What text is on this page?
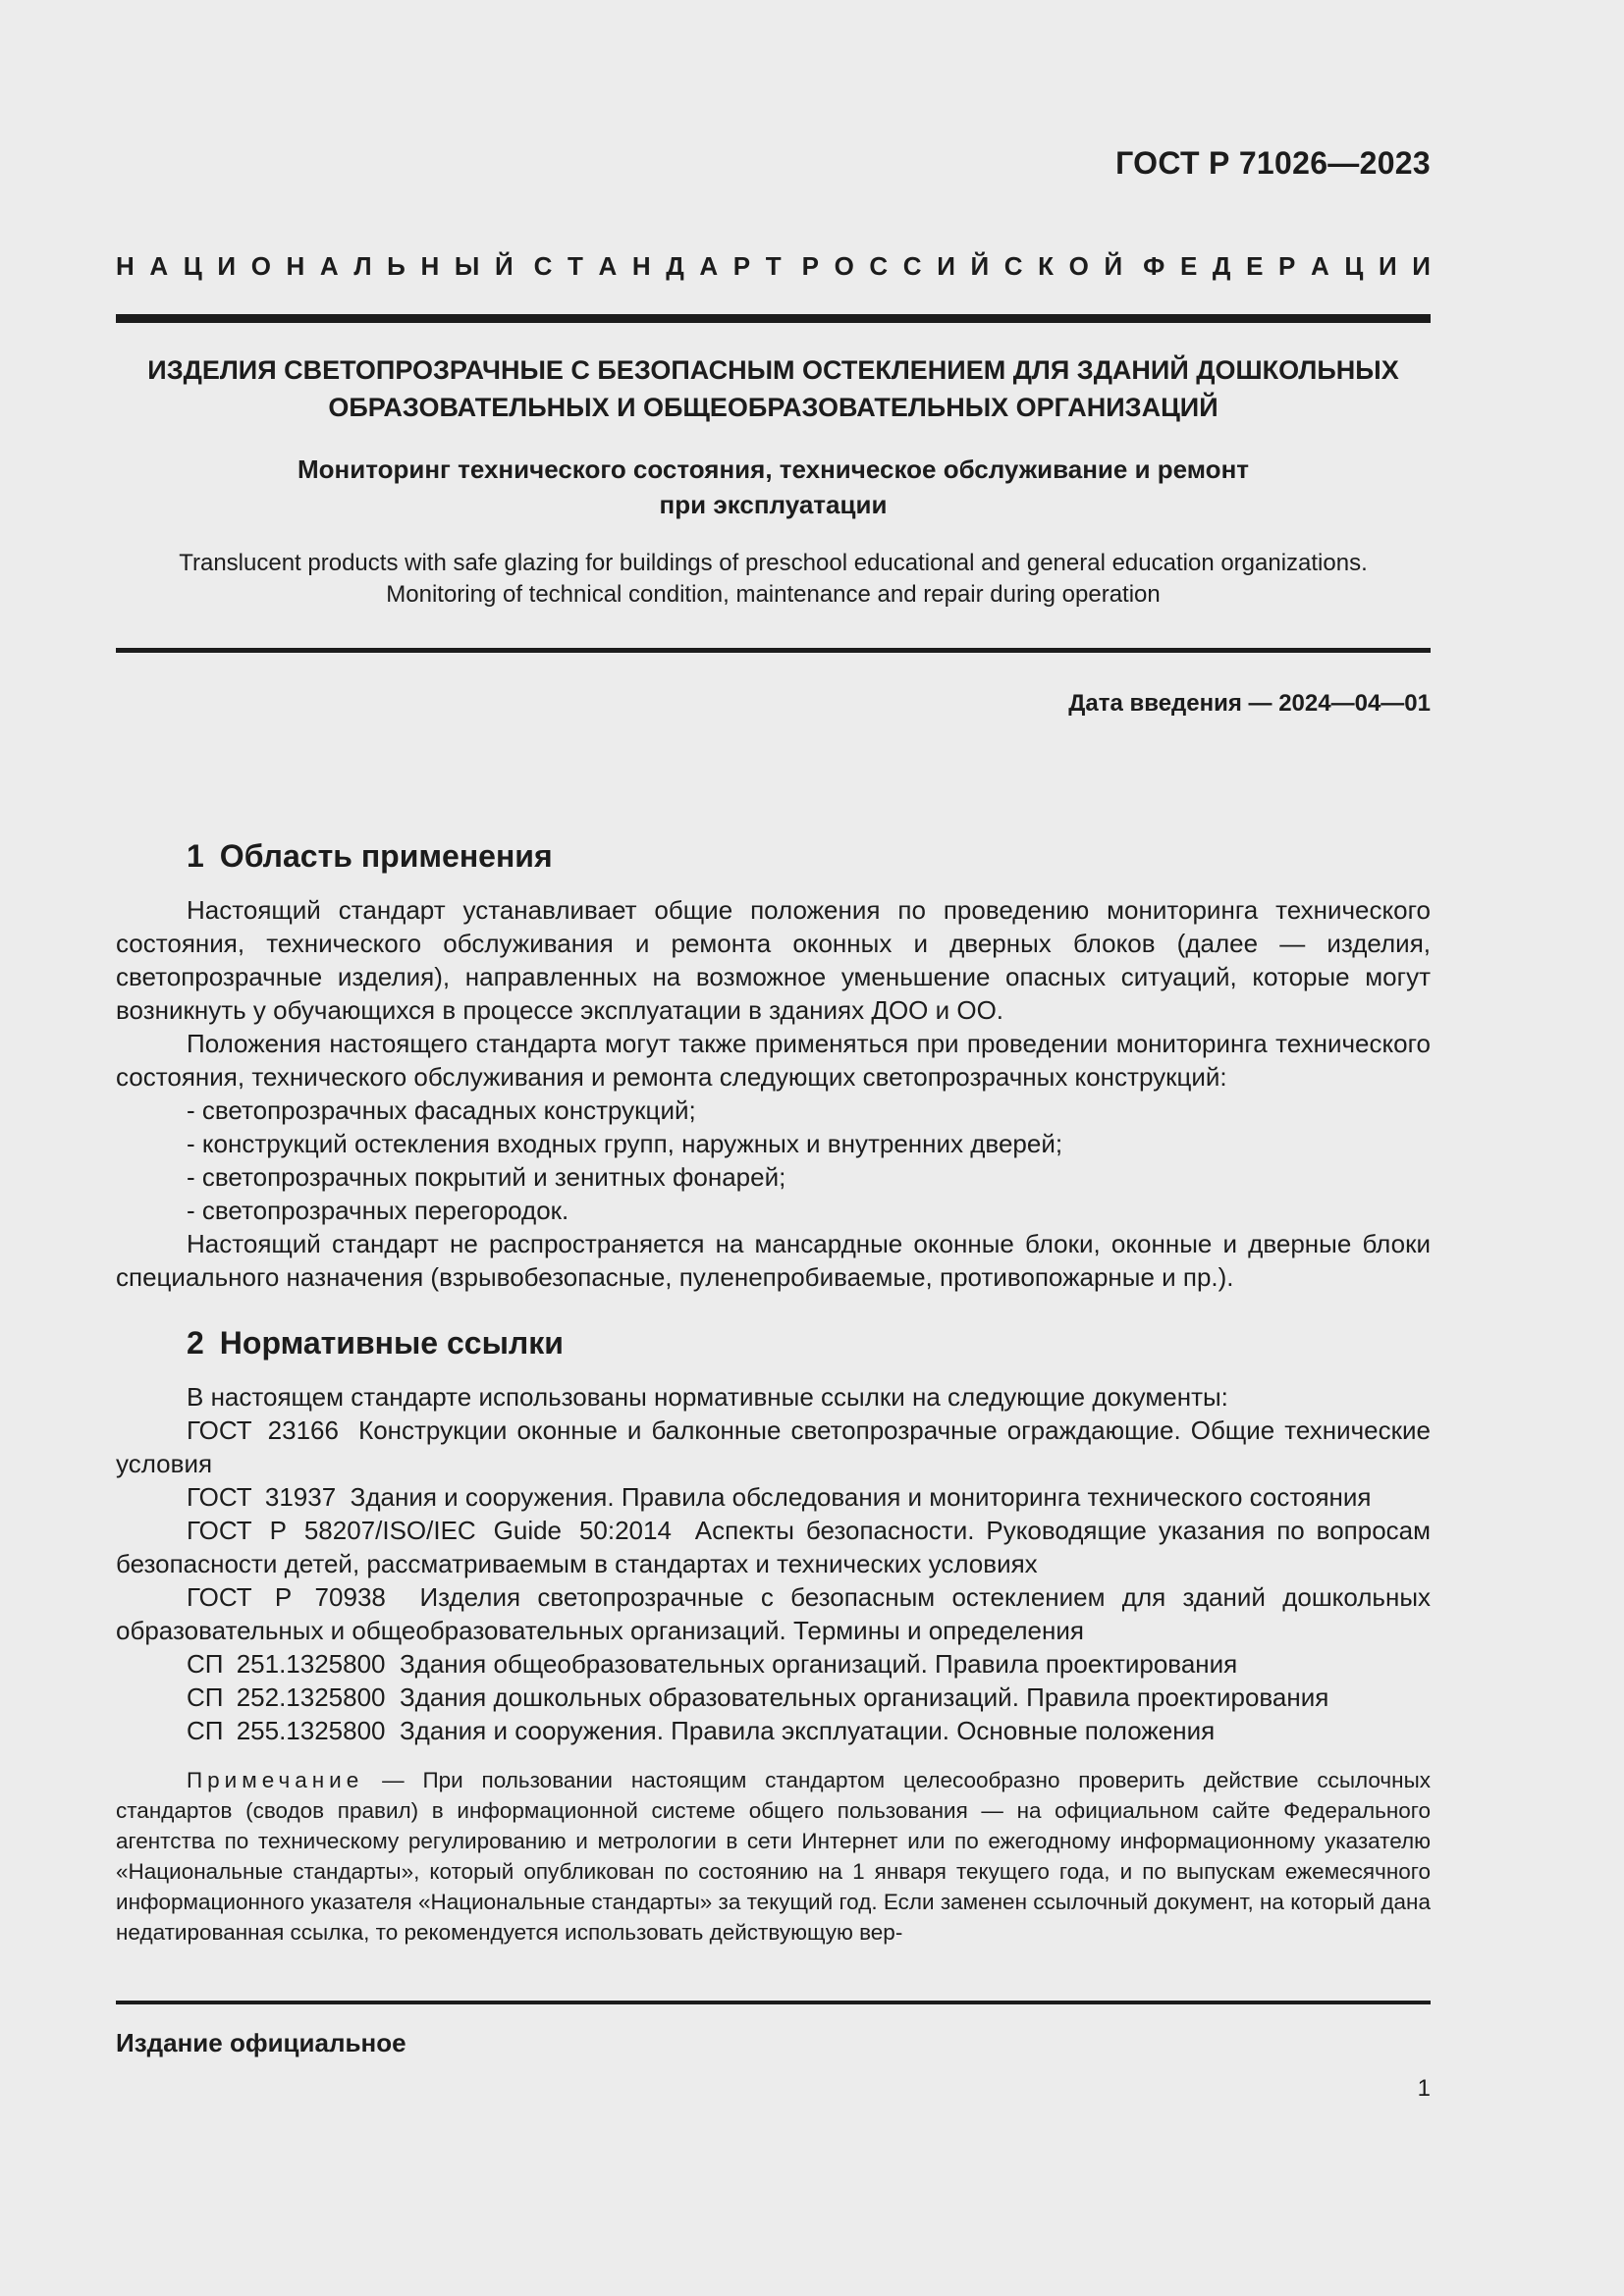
ГОСТ Р 71026—2023
Н   А   Ц   И   О   Н   А   Л   Ь   Н   Ы   Й С   Т   А   Н   Д   А   Р   Т Р   О   С   С   И   Й   С   К   О   Й Ф   Е   Д   Е   Р   А   Ц   И   И
ИЗДЕЛИЯ СВЕТОПРОЗРАЧНЫЕ С БЕЗОПАСНЫМ ОСТЕКЛЕНИЕМ ДЛЯ ЗДАНИЙ ДОШКОЛЬНЫХ
ОБРАЗОВАТЕЛЬНЫХ И ОБЩЕОБРАЗОВАТЕЛЬНЫХ ОРГАНИЗАЦИЙ
Мониторинг технического состояния, техническое обслуживание и ремонт
при эксплуатации
Translucent products with safe glazing for buildings of preschool educational and general education organizations.
Monitoring of technical condition, maintenance and repair during operation
Дата введения — 2024—04—01
1 Область применения

Настоящий стандарт устанавливает общие положения по проведению мониторинга технического состояния, технического обслуживания и ремонта оконных и дверных блоков (далее — изделия, светопрозрачные изделия), направленных на возможное уменьшение опасных ситуаций, которые могут возникнуть у обучающихся в процессе эксплуатации в зданиях ДОО и ОО.

Положения настоящего стандарта могут также применяться при проведении мониторинга технического состояния, технического обслуживания и ремонта следующих светопрозрачных конструкций:

- светопрозрачных фасадных конструкций;
- конструкций остекления входных групп, наружных и внутренних дверей;
- светопрозрачных покрытий и зенитных фонарей;
- светопрозрачных перегородок.

Настоящий стандарт не распространяется на мансардные оконные блоки, оконные и дверные блоки специального назначения (взрывобезопасные, пуленепробиваемые, противопожарные и пр.).

2 Нормативные ссылки

В настоящем стандарте использованы нормативные ссылки на следующие документы:

ГОСТ 23166 Конструкции оконные и балконные светопрозрачные ограждающие. Общие технические условия

ГОСТ 31937 Здания и сооружения. Правила обследования и мониторинга технического состояния

ГОСТ Р 58207/ISO/IEC Guide 50:2014 Аспекты безопасности. Руководящие указания по вопросам безопасности детей, рассматриваемым в стандартах и технических условиях

ГОСТ Р 70938 Изделия светопрозрачные с безопасным остеклением для зданий дошкольных образовательных и общеобразовательных организаций. Термины и определения

СП 251.1325800 Здания общеобразовательных организаций. Правила проектирования

СП 252.1325800 Здания дошкольных образовательных организаций. Правила проектирования

СП 255.1325800 Здания и сооружения. Правила эксплуатации. Основные положения

Примечание — При пользовании настоящим стандартом целесообразно проверить действие ссылочных стандартов (сводов правил) в информационной системе общего пользования — на официальном сайте Федерального агентства по техническому регулированию и метрологии в сети Интернет или по ежегодному информационному указателю «Национальные стандарты», который опубликован по состоянию на 1 января текущего года, и по выпускам ежемесячного информационного указателя «Национальные стандарты» за текущий год. Если заменен ссылочный документ, на который дана недатированная ссылка, то рекомендуется использовать действующую вер-

Издание официальное
1
